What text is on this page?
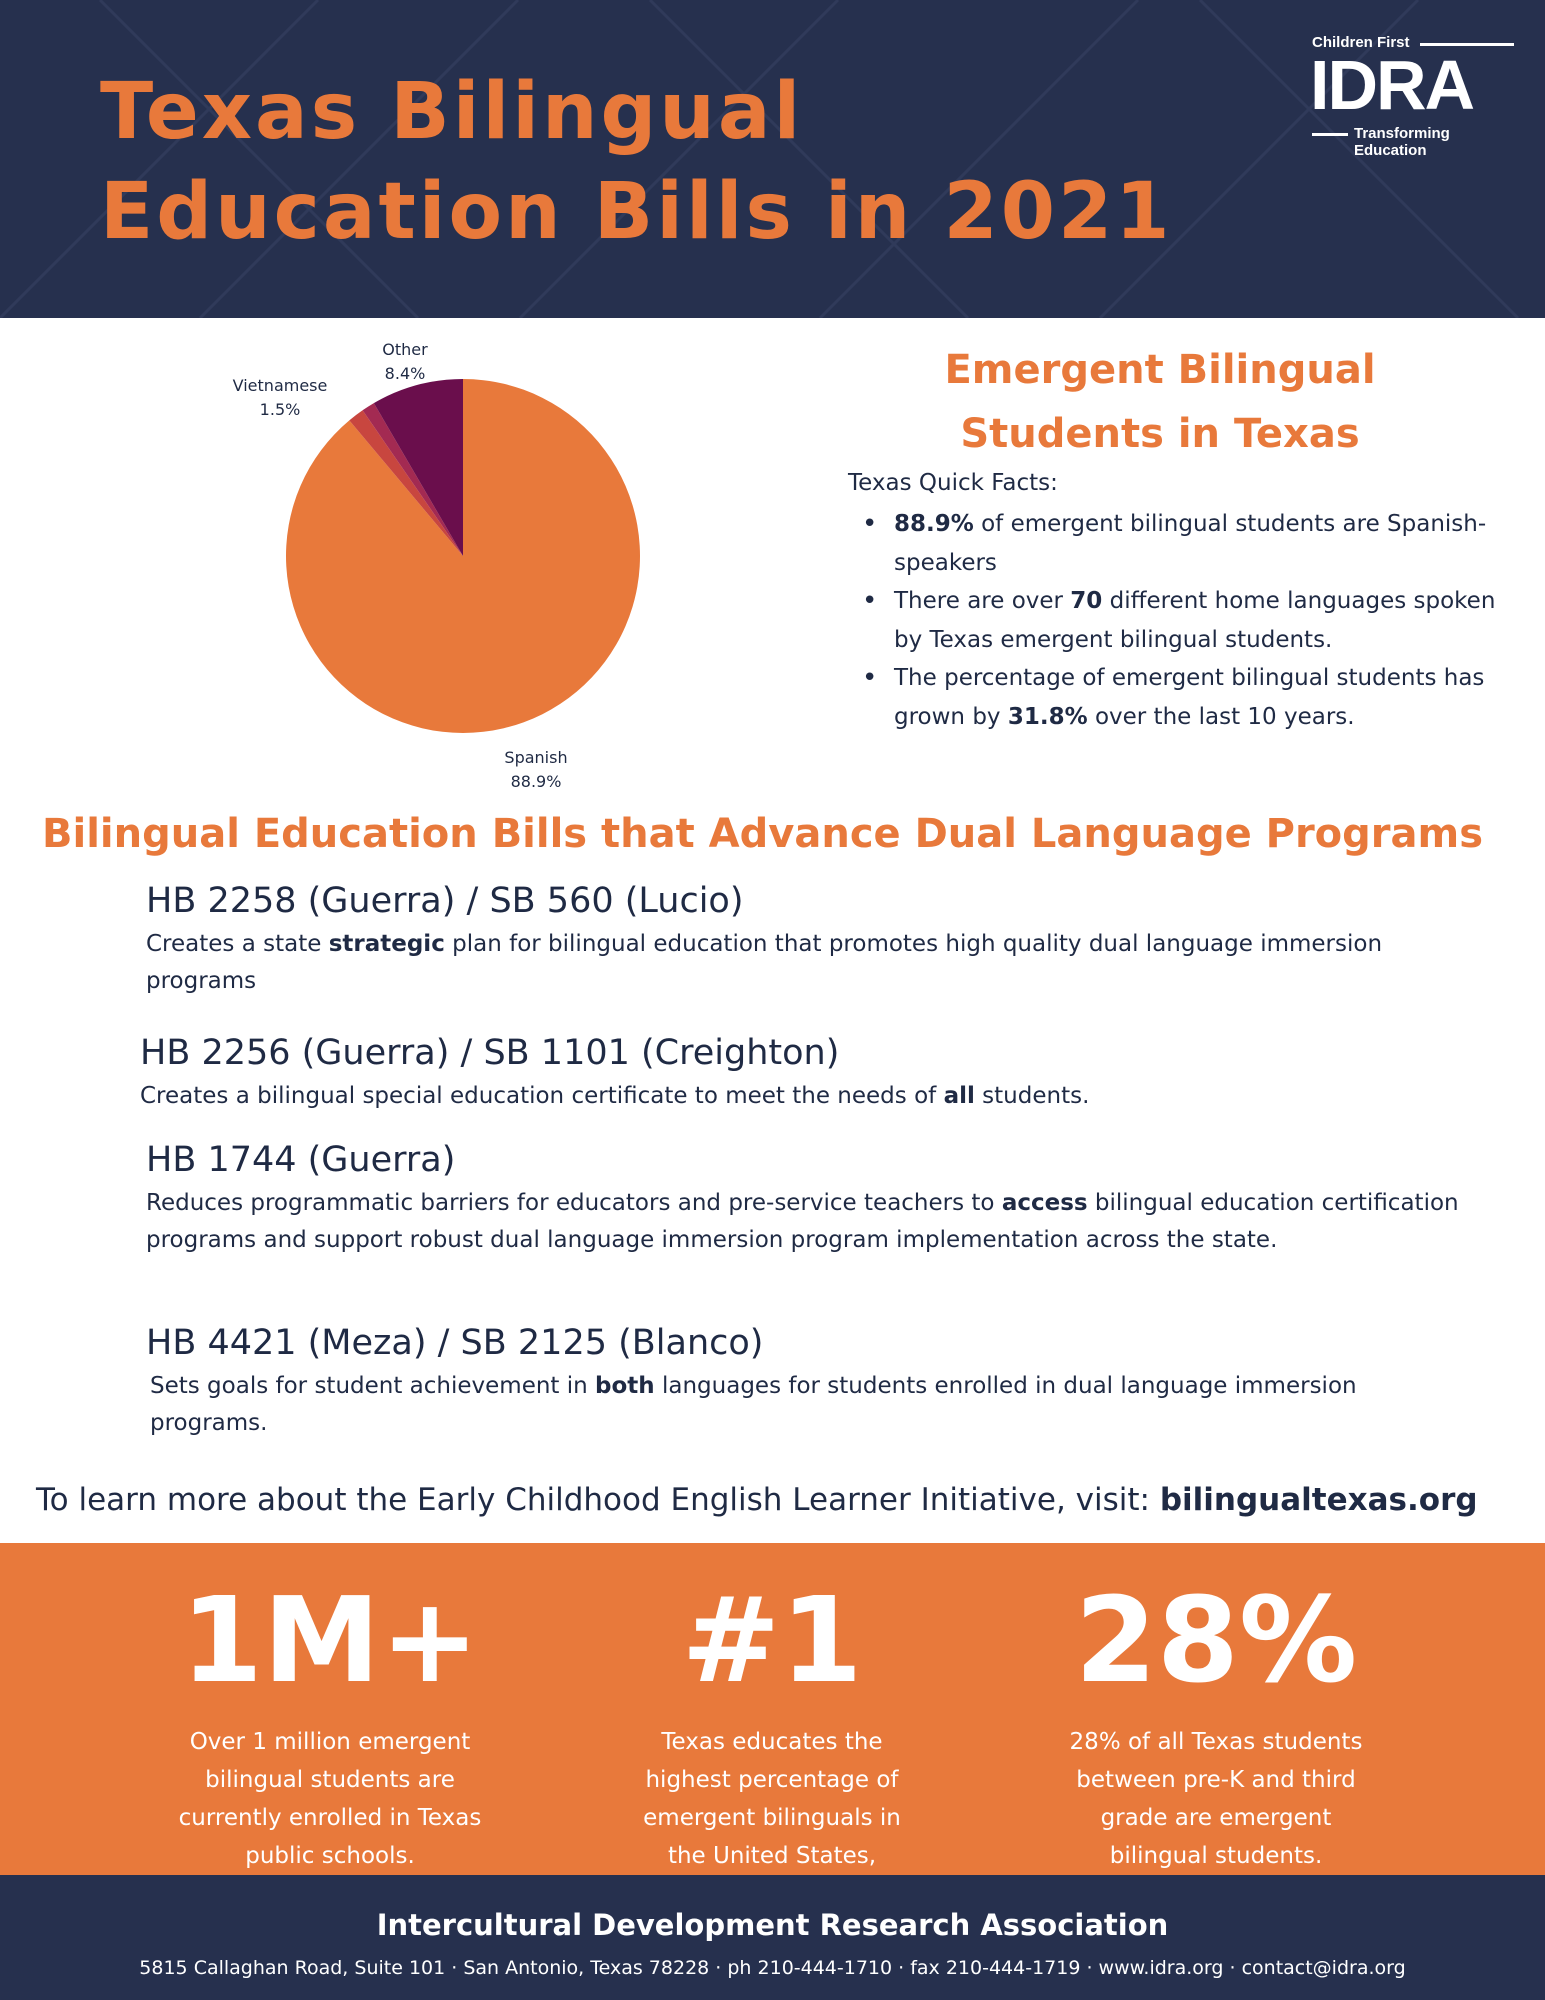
Texas Bilingual
Education Bills in 2021
Children First
IDRA
Transforming Education
Other
8.4%
Vietnamese
1.5%
Spanish
88.9%
Emergent Bilingual
Students in Texas
Texas Quick Facts:
• 88.9% of emergent bilingual students are Spanish-speakers
• There are over 70 different home languages spoken by Texas emergent bilingual students.
• The percentage of emergent bilingual students has grown by 31.8% over the last 10 years.
Bilingual Education Bills that Advance Dual Language Programs
HB 2258 (Guerra) / SB 560 (Lucio)
Creates a state strategic plan for bilingual education that promotes high quality dual language immersion programs
HB 2256 (Guerra) / SB 1101 (Creighton)
Creates a bilingual special education certificate to meet the needs of all students.
HB 1744 (Guerra)
Reduces programmatic barriers for educators and pre-service teachers to access bilingual education certification programs and support robust dual language immersion program implementation across the state.
HB 4421 (Meza) / SB 2125 (Blanco)
Sets goals for student achievement in both languages for students enrolled in dual language immersion programs.
To learn more about the Early Childhood English Learner Initiative, visit: bilingualtexas.org
1M+
Over 1 million emergent bilingual students are currently enrolled in Texas public schools.
#1
Texas educates the highest percentage of emergent bilinguals in the United States,
28%
28% of all Texas students between pre-K and third grade are emergent bilingual students.
Intercultural Development Research Association
5815 Callaghan Road, Suite 101 · San Antonio, Texas 78228 · ph 210-444-1710 · fax 210-444-1719 · www.idra.org · contact@idra.org
